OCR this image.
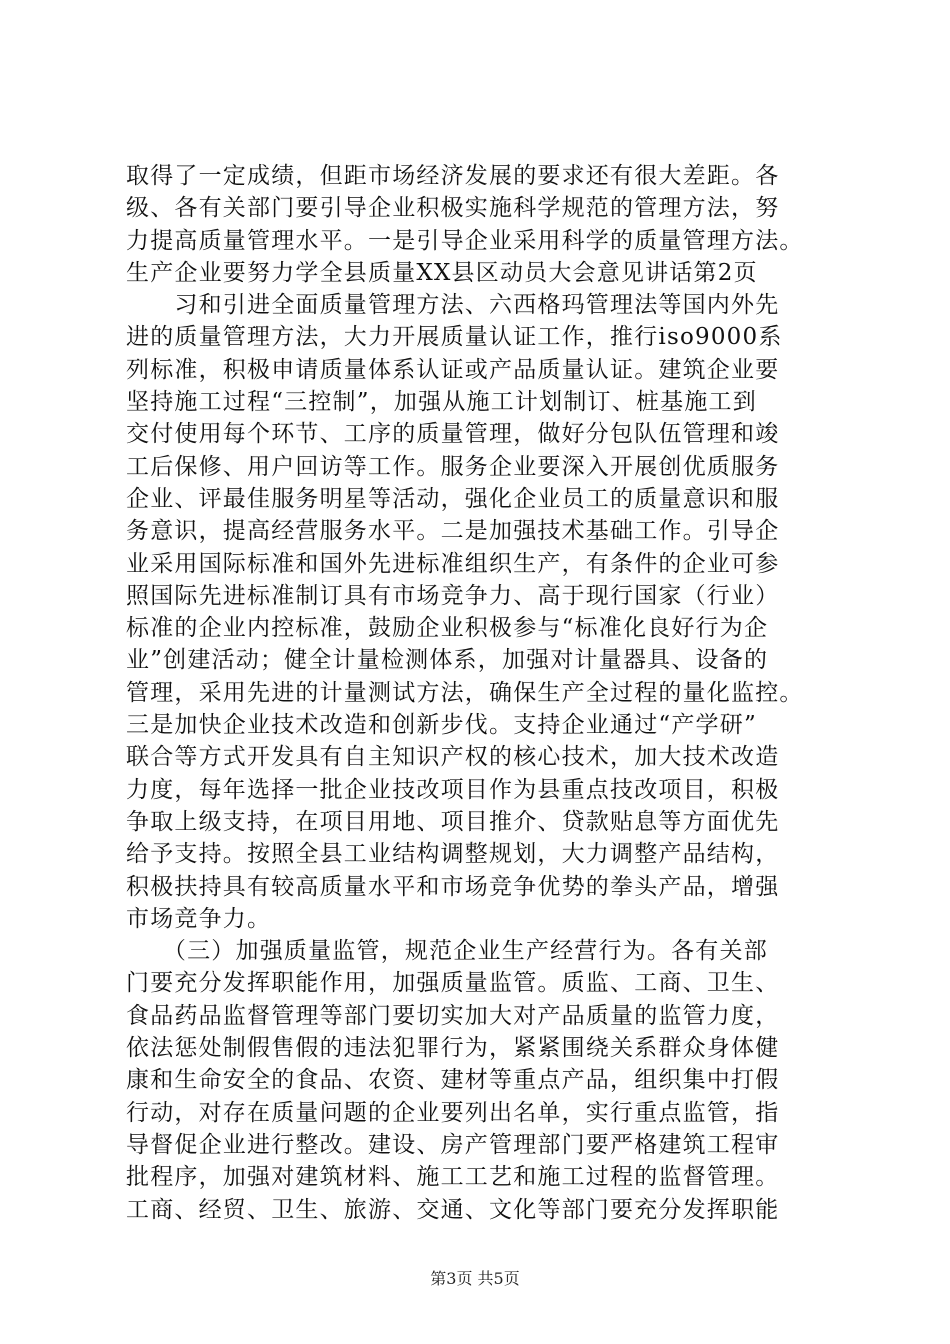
取得了一定成绩，但距市场经济发展的要求还有很大差距。各
级、各有关部门要引导企业积极实施科学规范的管理方法，努
力提高质量管理水平。一是引导企业采用科学的质量管理方法。
生产企业要努力学全县质量XX县区动员大会意见讲话第2页
　　习和引进全面质量管理方法、六西格玛管理法等国内外先
进的质量管理方法，大力开展质量认证工作，推行iso9000系
列标准，积极申请质量体系认证或产品质量认证。建筑企业要
坚持施工过程“三控制”，加强从施工计划制订、桩基施工到
交付使用每个环节、工序的质量管理，做好分包队伍管理和竣
工后保修、用户回访等工作。服务企业要深入开展创优质服务
企业、评最佳服务明星等活动，强化企业员工的质量意识和服
务意识，提高经营服务水平。二是加强技术基础工作。引导企
业采用国际标准和国外先进标准组织生产，有条件的企业可参
照国际先进标准制订具有市场竞争力、高于现行国家（行业）
标准的企业内控标准，鼓励企业积极参与“标准化良好行为企
业”创建活动；健全计量检测体系，加强对计量器具、设备的
管理，采用先进的计量测试方法，确保生产全过程的量化监控。
三是加快企业技术改造和创新步伐。支持企业通过“产学研”
联合等方式开发具有自主知识产权的核心技术，加大技术改造
力度，每年选择一批企业技改项目作为县重点技改项目，积极
争取上级支持，在项目用地、项目推介、贷款贴息等方面优先
给予支持。按照全县工业结构调整规划，大力调整产品结构，
积极扶持具有较高质量水平和市场竞争优势的拳头产品，增强
市场竞争力。
　　（三）加强质量监管，规范企业生产经营行为。各有关部
门要充分发挥职能作用，加强质量监管。质监、工商、卫生、
食品药品监督管理等部门要切实加大对产品质量的监管力度，
依法惩处制假售假的违法犯罪行为，紧紧围绕关系群众身体健
康和生命安全的食品、农资、建材等重点产品，组织集中打假
行动，对存在质量问题的企业要列出名单，实行重点监管，指
导督促企业进行整改。建设、房产管理部门要严格建筑工程审
批程序，加强对建筑材料、施工工艺和施工过程的监督管理。
工商、经贸、卫生、旅游、交通、文化等部门要充分发挥职能
第3页 共5页
